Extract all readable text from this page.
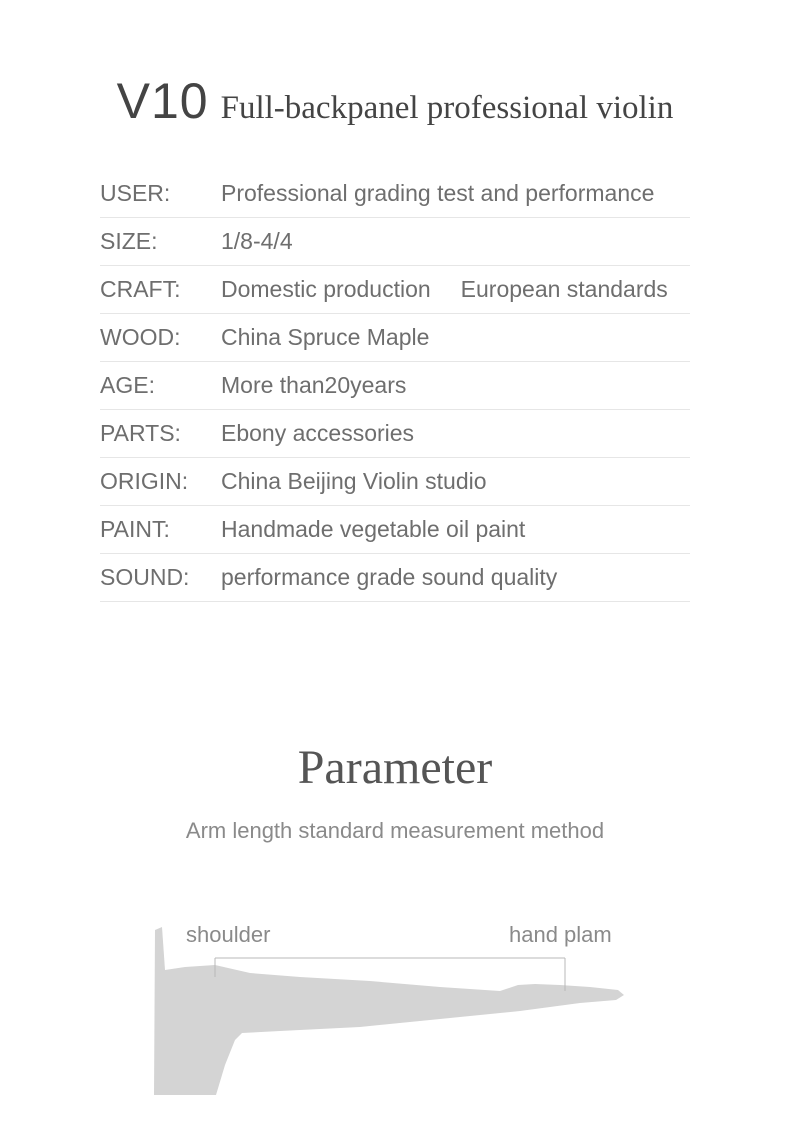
V10 Full-backpanel professional violin
USER:	Professional grading test and performance
SIZE:	1/8-4/4
CRAFT:	Domestic production European standards
WOOD:	China Spruce Maple
AGE:	More than20years
PARTS:	Ebony accessories
ORIGIN:	China Beijing Violin studio
PAINT:	Handmade vegetable oil paint
SOUND:	performance grade sound quality
Parameter
Arm length standard measurement method
shoulder	hand plam
